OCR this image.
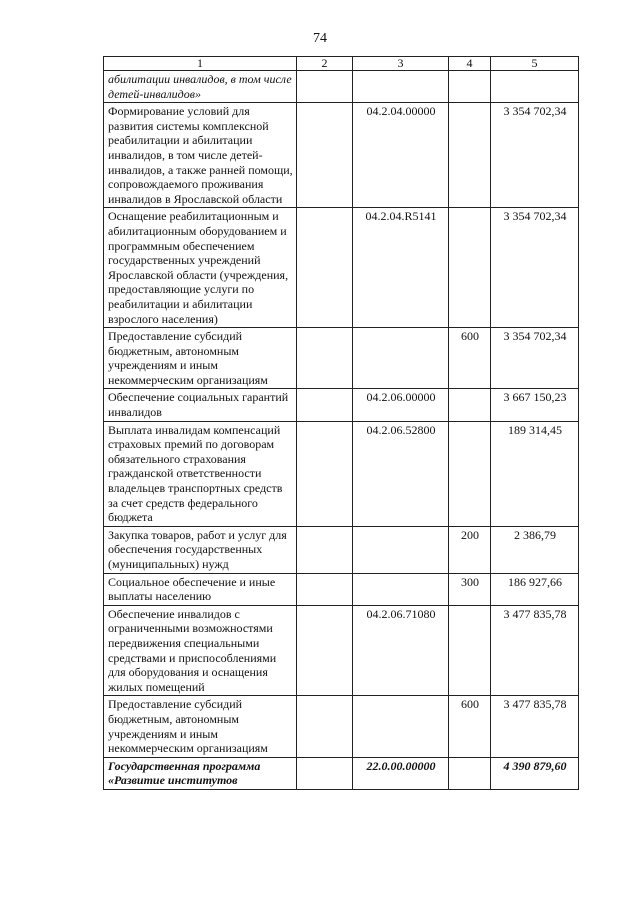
74
1	2	3	4	5
абилитации инвалидов, в том числе детей-инвалидов»				
Формирование условий для развития системы комплексной реабилитации и абилитации инвалидов, в том числе детей-инвалидов, а также ранней помощи, сопровождаемого проживания инвалидов в Ярославской области		04.2.04.00000		3 354 702,34
Оснащение реабилитационным и абилитационным оборудованием и программным обеспечением государственных учреждений Ярославской области (учреждения, предоставляющие услуги по реабилитации и абилитации взрослого населения)		04.2.04.R5141		3 354 702,34
Предоставление субсидий бюджетным, автономным учреждениям и иным некоммерческим организациям			600	3 354 702,34
Обеспечение социальных гарантий инвалидов		04.2.06.00000		3 667 150,23
Выплата инвалидам компенсаций страховых премий по договорам обязательного страхования гражданской ответственности владельцев транспортных средств за счет средств федерального бюджета		04.2.06.52800		189 314,45
Закупка товаров, работ и услуг для обеспечения государственных (муниципальных) нужд			200	2 386,79
Социальное обеспечение и иные выплаты населению			300	186 927,66
Обеспечение инвалидов с ограниченными возможностями передвижения специальными средствами и приспособлениями для оборудования и оснащения жилых помещений		04.2.06.71080		3 477 835,78
Предоставление субсидий бюджетным, автономным учреждениям и иным некоммерческим организациям			600	3 477 835,78
Государственная программа «Развитие институтов		22.0.00.00000		4 390 879,60
